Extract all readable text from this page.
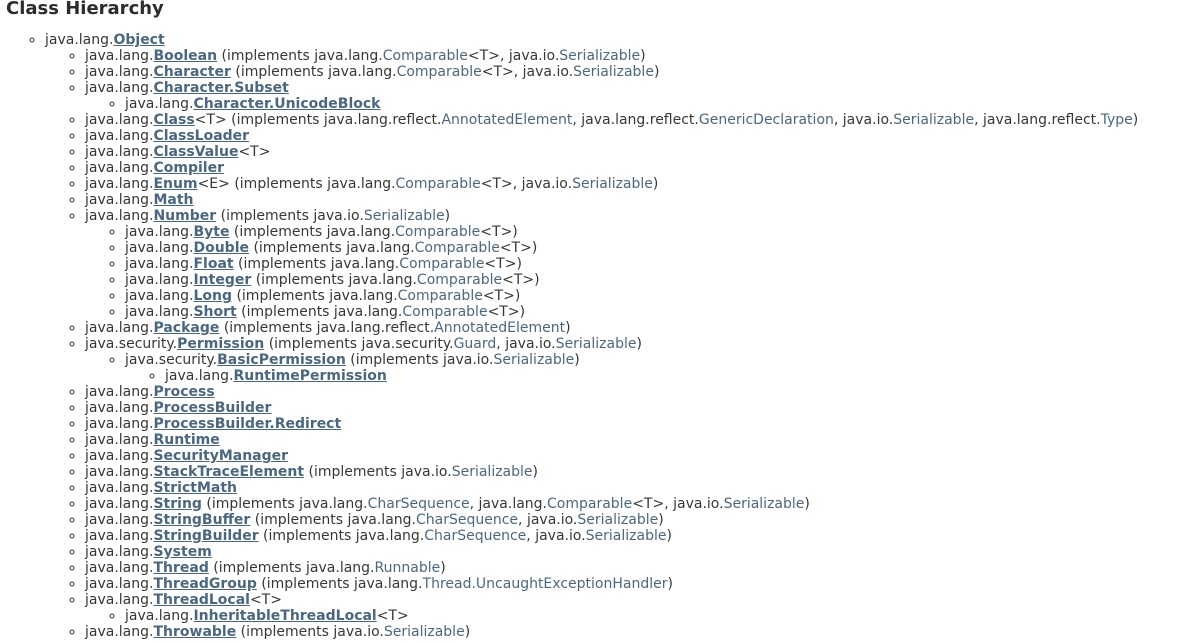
Class Hierarchy
◦ java.lang.Object
◦ java.lang.Boolean (implements java.lang.Comparable<T>, java.io.Serializable)
◦ java.lang.Character (implements java.lang.Comparable<T>, java.io.Serializable)
◦ java.lang.Character.Subset
◦ java.lang.Character.UnicodeBlock
◦ java.lang.Class<T> (implements java.lang.reflect.AnnotatedElement, java.lang.reflect.GenericDeclaration, java.io.Serializable, java.lang.reflect.Type)
◦ java.lang.ClassLoader
◦ java.lang.ClassValue<T>
◦ java.lang.Compiler
◦ java.lang.Enum<E> (implements java.lang.Comparable<T>, java.io.Serializable)
◦ java.lang.Math
◦ java.lang.Number (implements java.io.Serializable)
◦ java.lang.Byte (implements java.lang.Comparable<T>)
◦ java.lang.Double (implements java.lang.Comparable<T>)
◦ java.lang.Float (implements java.lang.Comparable<T>)
◦ java.lang.Integer (implements java.lang.Comparable<T>)
◦ java.lang.Long (implements java.lang.Comparable<T>)
◦ java.lang.Short (implements java.lang.Comparable<T>)
◦ java.lang.Package (implements java.lang.reflect.AnnotatedElement)
◦ java.security.Permission (implements java.security.Guard, java.io.Serializable)
◦ java.security.BasicPermission (implements java.io.Serializable)
◦ java.lang.RuntimePermission
◦ java.lang.Process
◦ java.lang.ProcessBuilder
◦ java.lang.ProcessBuilder.Redirect
◦ java.lang.Runtime
◦ java.lang.SecurityManager
◦ java.lang.StackTraceElement (implements java.io.Serializable)
◦ java.lang.StrictMath
◦ java.lang.String (implements java.lang.CharSequence, java.lang.Comparable<T>, java.io.Serializable)
◦ java.lang.StringBuffer (implements java.lang.CharSequence, java.io.Serializable)
◦ java.lang.StringBuilder (implements java.lang.CharSequence, java.io.Serializable)
◦ java.lang.System
◦ java.lang.Thread (implements java.lang.Runnable)
◦ java.lang.ThreadGroup (implements java.lang.Thread.UncaughtExceptionHandler)
◦ java.lang.ThreadLocal<T>
◦ java.lang.InheritableThreadLocal<T>
◦ java.lang.Throwable (implements java.io.Serializable)
